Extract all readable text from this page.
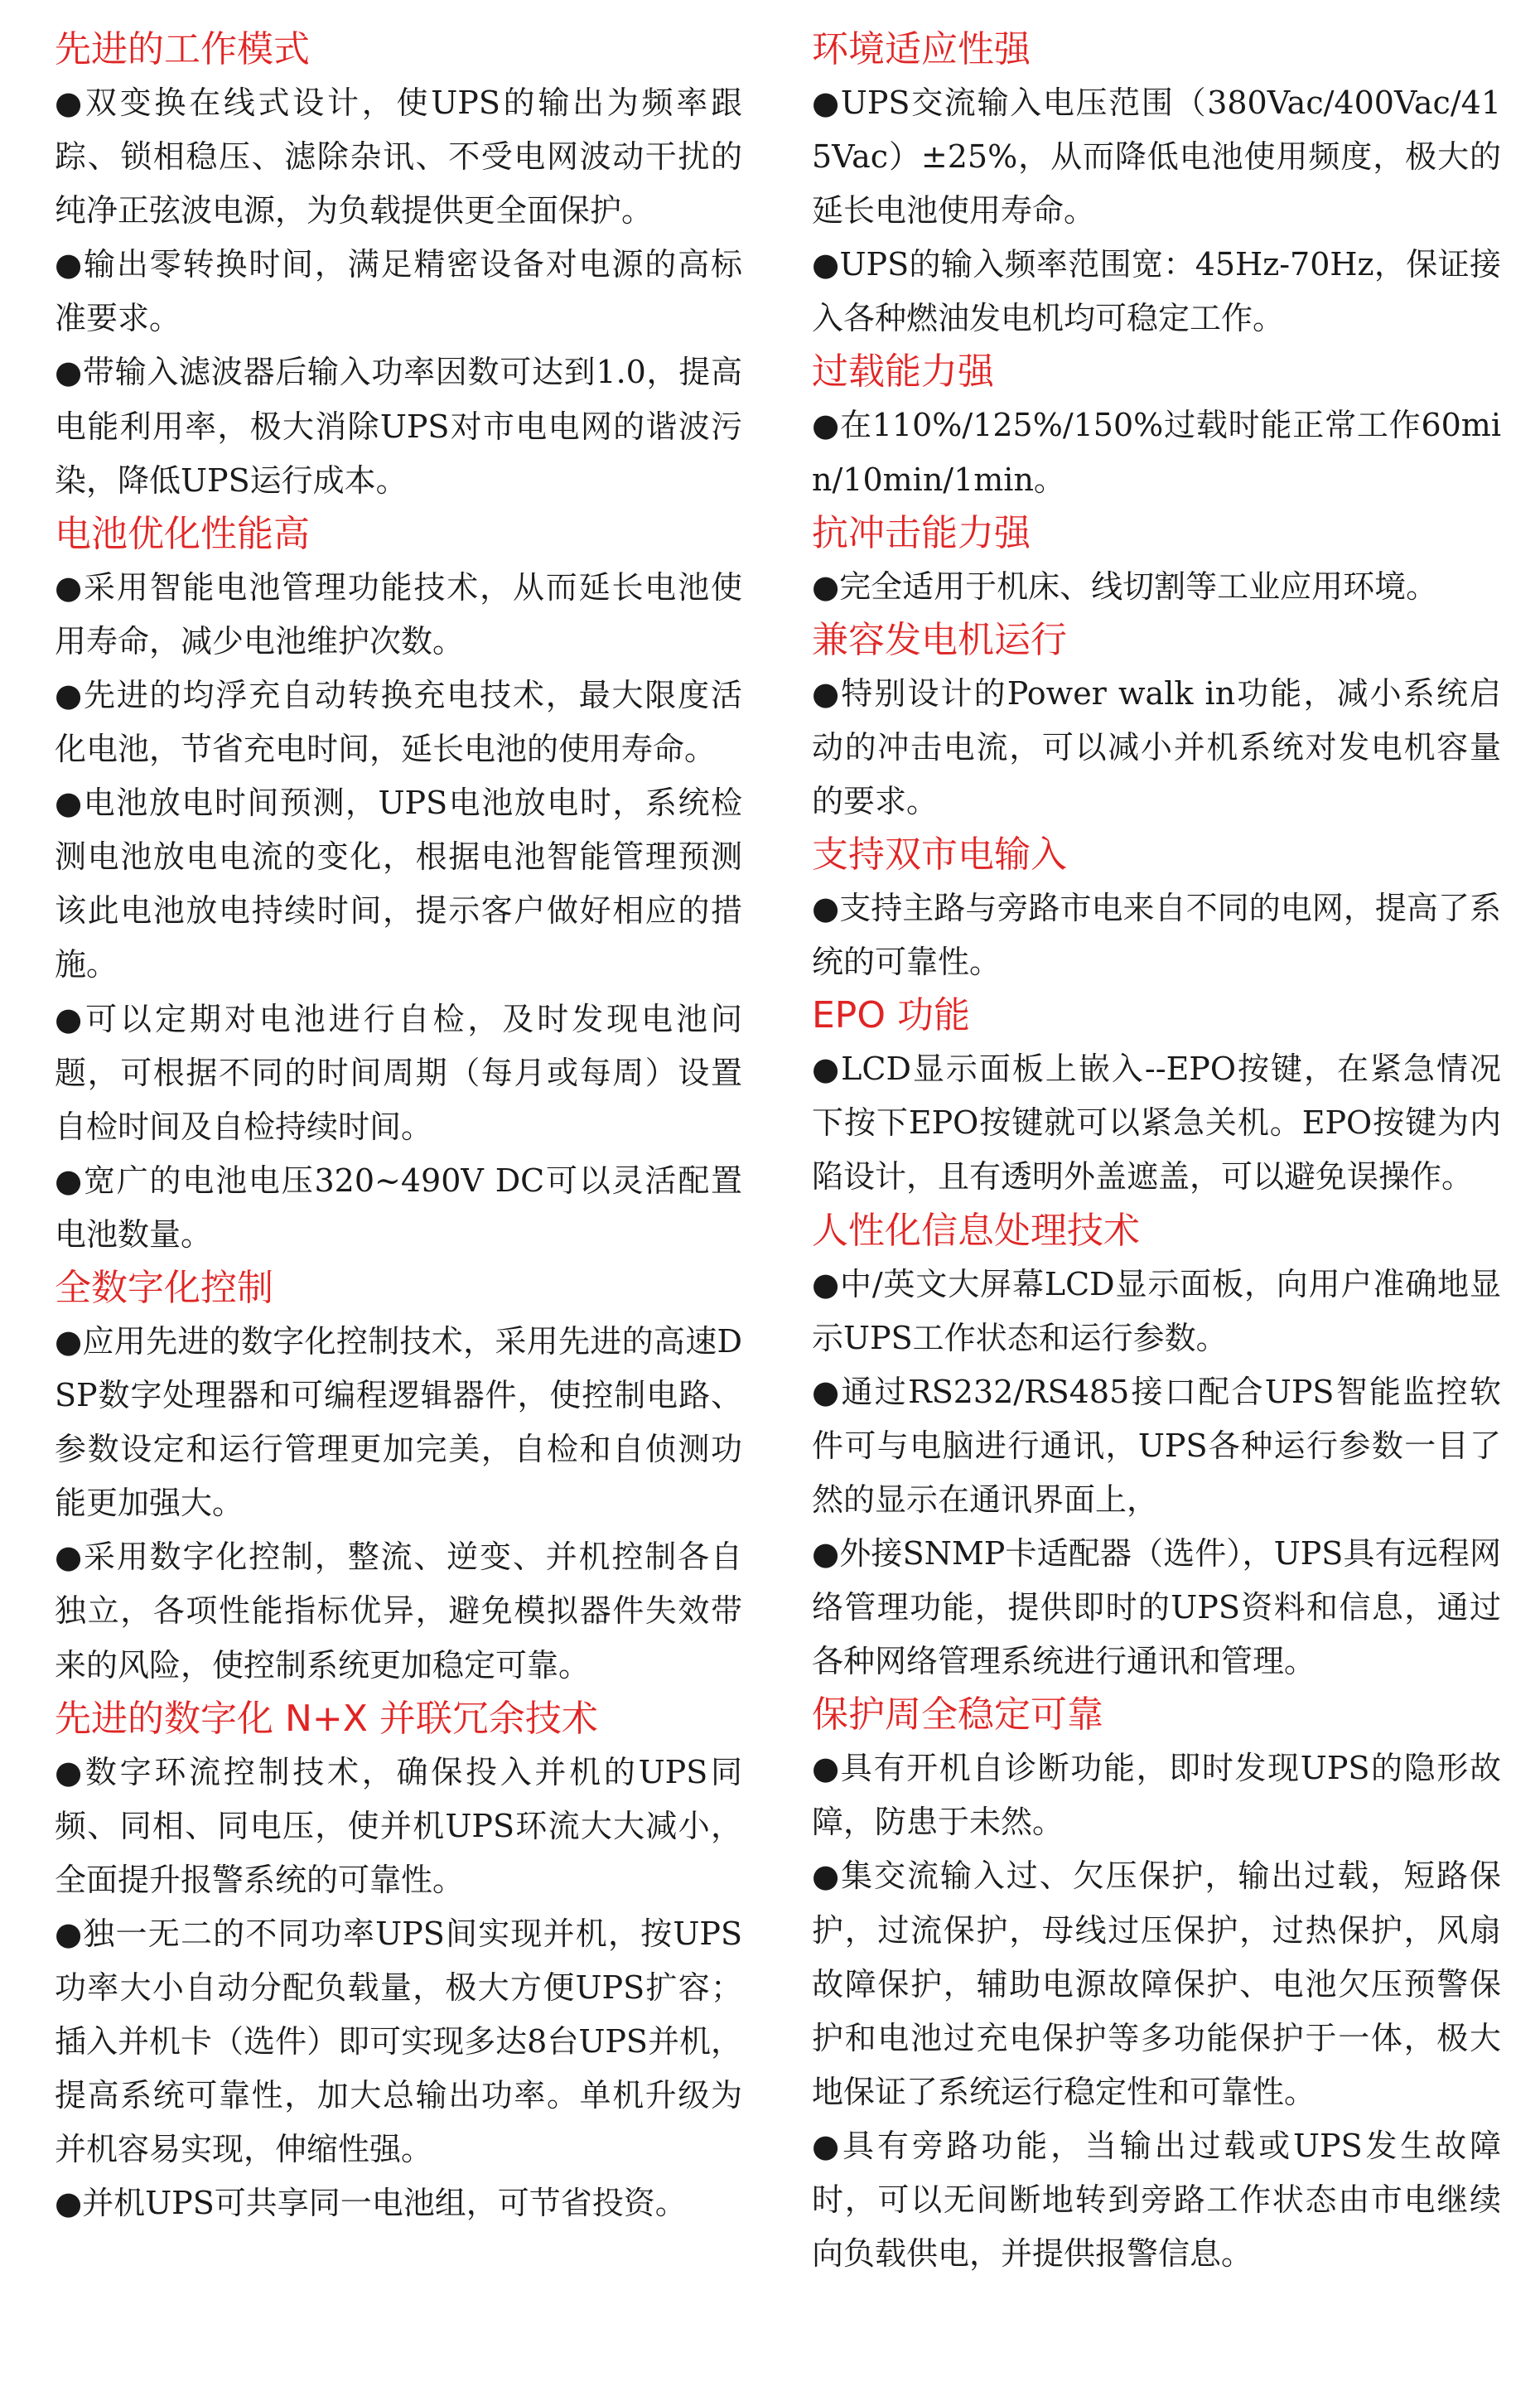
先进的工作模式
●双变换在线式设计，使UPS的输出为频率跟踪、锁相稳压、滤除杂讯、不受电网波动干扰的纯净正弦波电源，为负载提供更全面保护。
●输出零转换时间，满足精密设备对电源的高标准要求。
●带输入滤波器后输入功率因数可达到1.0，提高电能利用率，极大消除UPS对市电电网的谐波污染，降低UPS运行成本。
电池优化性能高
●采用智能电池管理功能技术，从而延长电池使用寿命，减少电池维护次数。
●先进的均浮充自动转换充电技术，最大限度活化电池，节省充电时间，延长电池的使用寿命。
●电池放电时间预测，UPS电池放电时，系统检测电池放电电流的变化，根据电池智能管理预测该此电池放电持续时间，提示客户做好相应的措施。
●可以定期对电池进行自检，及时发现电池问题，可根据不同的时间周期（每月或每周）设置自检时间及自检持续时间。
●宽广的电池电压320~490V DC可以灵活配置电池数量。
全数字化控制
●应用先进的数字化控制技术，采用先进的高速DSP数字处理器和可编程逻辑器件，使控制电路、参数设定和运行管理更加完美，自检和自侦测功能更加强大。
●采用数字化控制，整流、逆变、并机控制各自独立，各项性能指标优异，避免模拟器件失效带来的风险，使控制系统更加稳定可靠。
先进的数字化 N+X 并联冗余技术
●数字环流控制技术，确保投入并机的UPS同频、同相、同电压，使并机UPS环流大大减小，全面提升报警系统的可靠性。
●独一无二的不同功率UPS间实现并机，按UPS功率大小自动分配负载量，极大方便UPS扩容；插入并机卡（选件）即可实现多达8台UPS并机，提高系统可靠性，加大总输出功率。单机升级为并机容易实现，伸缩性强。
●并机UPS可共享同一电池组，可节省投资。
环境适应性强
●UPS交流输入电压范围（380Vac/400Vac/415Vac）±25%，从而降低电池使用频度，极大的延长电池使用寿命。
●UPS的输入频率范围宽：45Hz-70Hz，保证接入各种燃油发电机均可稳定工作。
过载能力强
●在110%/125%/150%过载时能正常工作60min/10min/1min。
抗冲击能力强
●完全适用于机床、线切割等工业应用环境。
兼容发电机运行
●特别设计的Power walk in功能，减小系统启动的冲击电流，可以减小并机系统对发电机容量的要求。
支持双市电输入
●支持主路与旁路市电来自不同的电网，提高了系统的可靠性。
EPO 功能
●LCD显示面板上嵌入--EPO按键，在紧急情况下按下EPO按键就可以紧急关机。EPO按键为内陷设计，且有透明外盖遮盖，可以避免误操作。
人性化信息处理技术
●中/英文大屏幕LCD显示面板，向用户准确地显示UPS工作状态和运行参数。
●通过RS232/RS485接口配合UPS智能监控软件可与电脑进行通讯，UPS各种运行参数一目了然的显示在通讯界面上，
●外接SNMP卡适配器（选件），UPS具有远程网络管理功能，提供即时的UPS资料和信息，通过各种网络管理系统进行通讯和管理。
保护周全稳定可靠
●具有开机自诊断功能，即时发现UPS的隐形故障，防患于未然。
●集交流输入过、欠压保护，输出过载，短路保护，过流保护，母线过压保护，过热保护，风扇故障保护，辅助电源故障保护、电池欠压预警保护和电池过充电保护等多功能保护于一体，极大地保证了系统运行稳定性和可靠性。
●具有旁路功能，当输出过载或UPS发生故障时，可以无间断地转到旁路工作状态由市电继续向负载供电，并提供报警信息。
